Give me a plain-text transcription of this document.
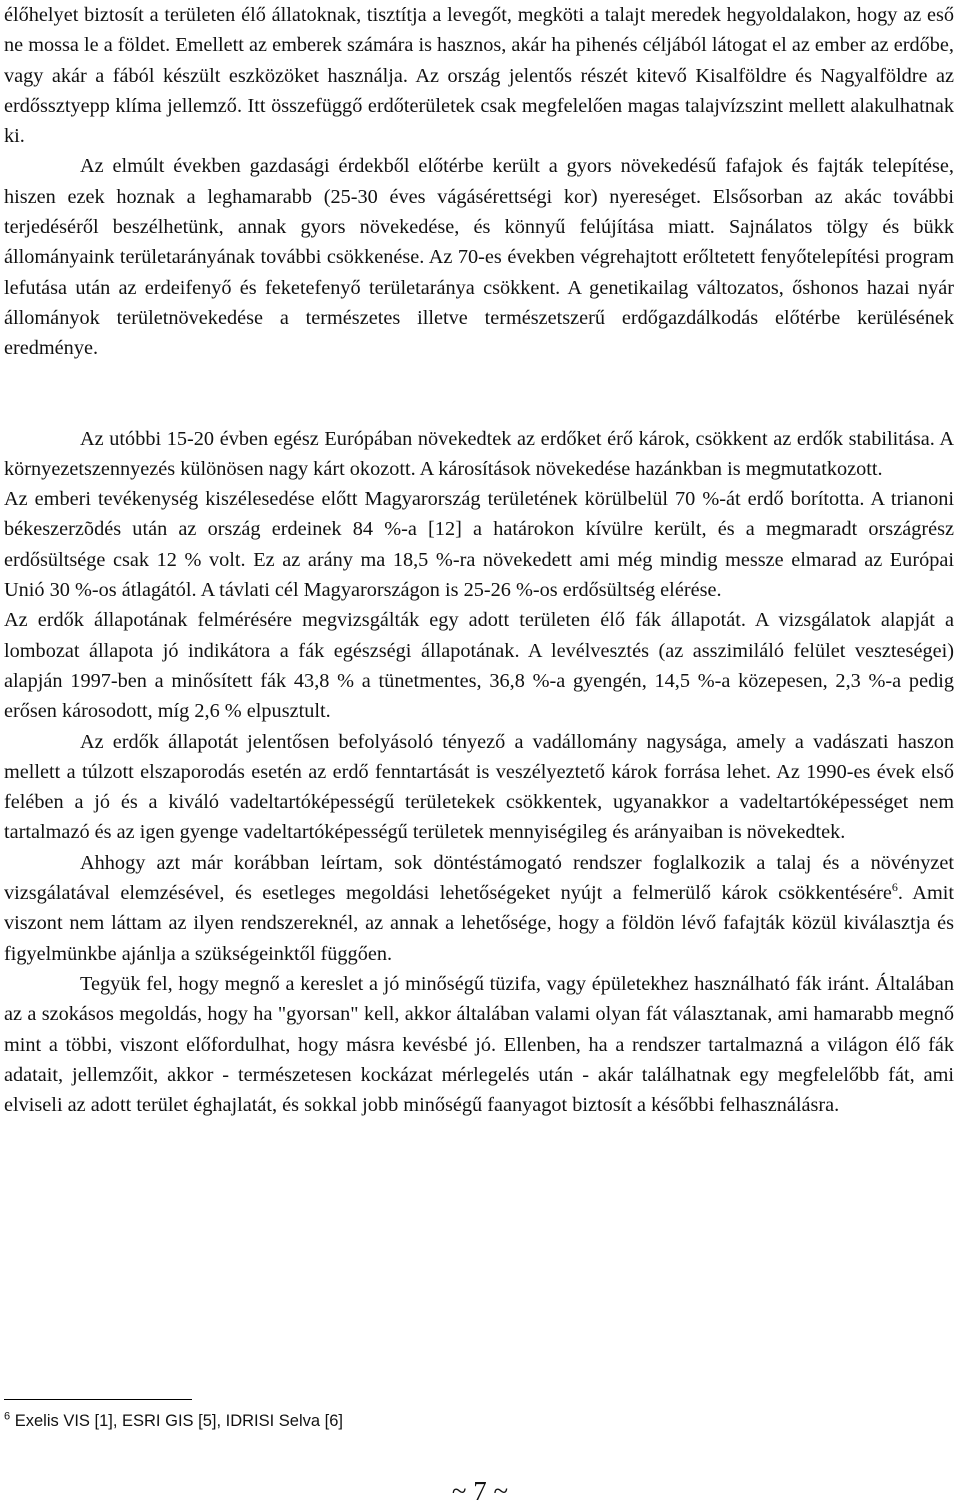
élőhelyet biztosít a területen élő állatoknak, tisztítja a levegőt, megköti a talajt meredek hegyoldalakon, hogy az eső ne mossa le a földet. Emellett az emberek számára is hasznos, akár ha pihenés céljából látogat el az ember az erdőbe, vagy akár a fából készült eszközöket használja. Az ország jelentős részét kitevő Kisalföldre és Nagyalföldre az erdőssztyepp klíma jellemző. Itt összefüggő erdőterületek csak megfelelően magas talajvízszint mellett alakulhatnak ki.

Az elmúlt években gazdasági érdekből előtérbe került a gyors növekedésű fafajok és fajták telepítése, hiszen ezek hoznak a leghamarabb (25-30 éves vágásérettségi kor) nyereséget. Elsősorban az akác további terjedéséről beszélhetünk, annak gyors növekedése, és könnyű felújítása miatt. Sajnálatos tölgy és bükk állományaink területarányának további csökkenése. Az 70-es években végrehajtott erőltetett fenyőtelepítési program lefutása után az erdeifenyő és feketefenyő területaránya csökkent. A genetikailag változatos, őshonos hazai nyár állományok területnövekedése a természetes illetve természetszerű erdőgazdálkodás előtérbe kerülésének eredménye.

Az utóbbi 15-20 évben egész Európában növekedtek az erdőket érő károk, csökkent az erdők stabilitása. A környezetszennyezés különösen nagy kárt okozott. A károsítások növekedése hazánkban is megmutatkozott.

Az emberi tevékenység kiszélesedése előtt Magyarország területének körülbelül 70 %-át erdő borította. A trianoni békeszerzõdés után az ország erdeinek 84 %-a [12] a határokon kívülre került, és a megmaradt országrész erdősültsége csak 12 % volt. Ez az arány ma 18,5 %-ra növekedett ami még mindig messze elmarad az Európai Unió 30 %-os átlagától. A távlati cél Magyarországon is 25-26 %-os erdősültség elérése.

Az erdők állapotának felmérésére megvizsgálták egy adott területen élő fák állapotát. A vizsgálatok alapját a lombozat állapota jó indikátora a fák egészségi állapotának. A levélvesztés (az asszimiláló felület veszteségei) alapján 1997-ben a minősített fák 43,8 % a tünetmentes, 36,8 %-a gyengén, 14,5 %-a közepesen, 2,3 %-a pedig erősen károsodott, míg 2,6 % elpusztult.

Az erdők állapotát jelentősen befolyásoló tényező a vadállomány nagysága, amely a vadászati haszon mellett a túlzott elszaporodás esetén az erdő fenntartását is veszélyeztető károk forrása lehet. Az 1990-es évek első felében a jó és a kiváló vadeltartóképességű területekek csökkentek, ugyanakkor a vadeltartóképességet nem tartalmazó és az igen gyenge vadeltartóképességű területek mennyiségileg és arányaiban is növekedtek.

Ahhogy azt már korábban leírtam, sok döntéstámogató rendszer foglalkozik a talaj és a növényzet vizsgálatával elemzésével, és esetleges megoldási lehetőségeket nyújt a felmerülő károk csökkentésére$^6$. Amit viszont nem láttam az ilyen rendszereknél, az annak a lehetősége, hogy a földön lévő fafajták közül kiválasztja és figyelmünkbe ajánlja a szükségeinktől függően.

Tegyük fel, hogy megnő a kereslet a jó minőségű tüzifa, vagy épületekhez használható fák iránt. Általában az a szokásos megoldás, hogy ha "gyorsan" kell, akkor általában valami olyan fát választanak, ami hamarabb megnő mint a többi, viszont előfordulhat, hogy másra kevésbé jó. Ellenben, ha a rendszer tartalmazná a világon élő fák adatait, jellemzőit, akkor - természetesen kockázat mérlegelés után - akár találhatnak egy megfelelőbb fát, ami elviseli az adott terület éghajlatát, és sokkal jobb minőségű faanyagot biztosít a későbbi felhasználásra.

$^6$ Exelis VIS [1], ESRI GIS [5], IDRISI Selva [6]
~ 7 ~
